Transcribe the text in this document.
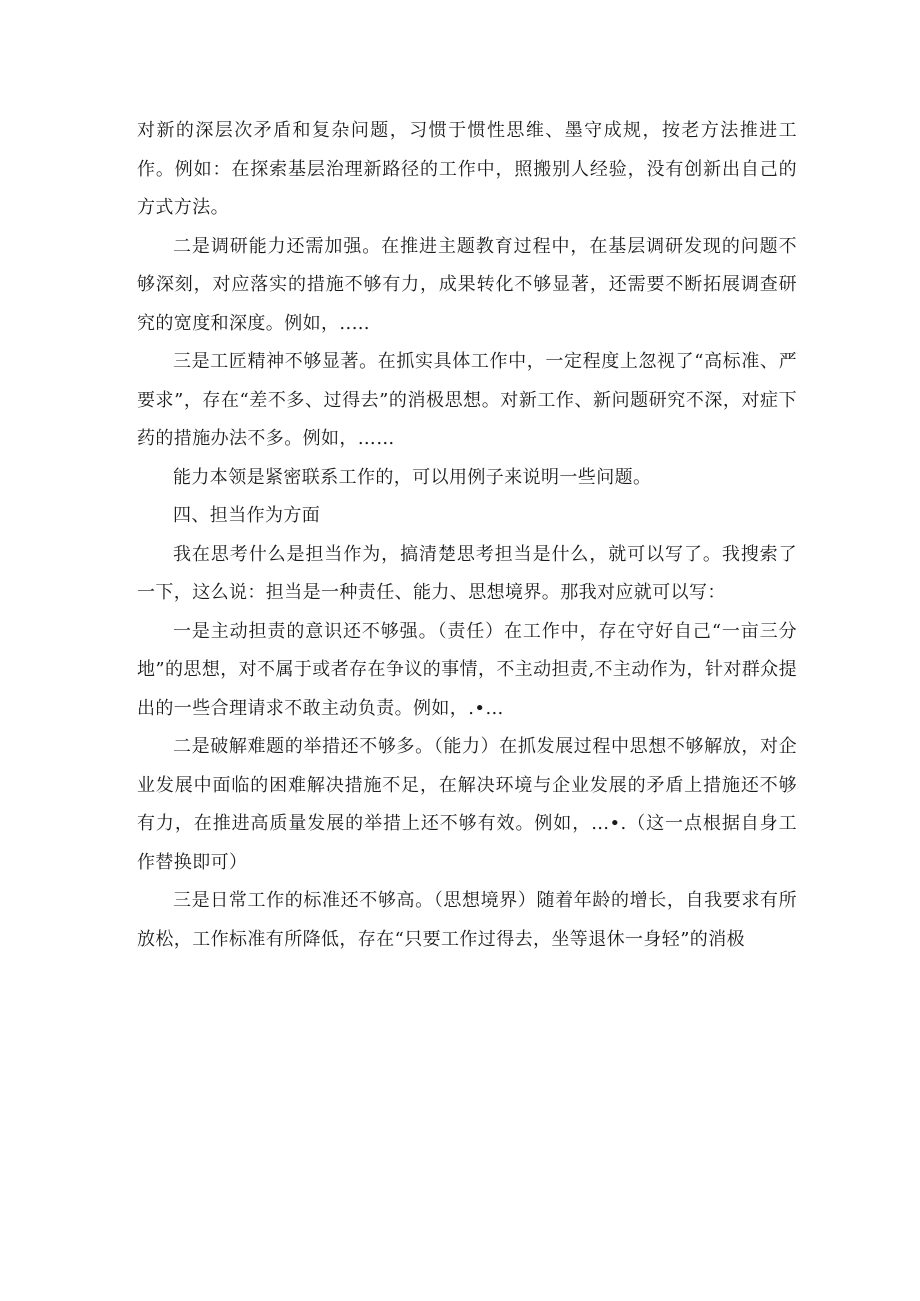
对新的深层次矛盾和复杂问题，习惯于惯性思维、墨守成规，按老方法推进工作。例如：在探索基层治理新路径的工作中，照搬别人经验，没有创新出自己的方式方法。

二是调研能力还需加强。在推进主题教育过程中，在基层调研发现的问题不够深刻，对应落实的措施不够有力，成果转化不够显著，还需要不断拓展调查研究的宽度和深度。例如，..…

三是工匠精神不够显著。在抓实具体工作中，一定程度上忽视了“高标准、严要求”，存在“差不多、过得去”的消极思想。对新工作、新问题研究不深，对症下药的措施办法不多。例如，……

能力本领是紧密联系工作的，可以用例子来说明一些问题。

四、担当作为方面

我在思考什么是担当作为，搞清楚思考担当是什么，就可以写了。我搜索了一下，这么说：担当是一种责任、能力、思想境界。那我对应就可以写：

一是主动担责的意识还不够强。（责任）在工作中，存在守好自己“一亩三分地”的思想，对不属于或者存在争议的事情，不主动担责,不主动作为，针对群众提出的一些合理请求不敢主动负责。例如，.•…

二是破解难题的举措还不够多。（能力）在抓发展过程中思想不够解放，对企业发展中面临的困难解决措施不足，在解决环境与企业发展的矛盾上措施还不够有力，在推进高质量发展的举措上还不够有效。例如，…•.（这一点根据自身工作替换即可）

三是日常工作的标准还不够高。（思想境界）随着年龄的增长，自我要求有所放松，工作标准有所降低，存在“只要工作过得去，坐等退休一身轻”的消极
